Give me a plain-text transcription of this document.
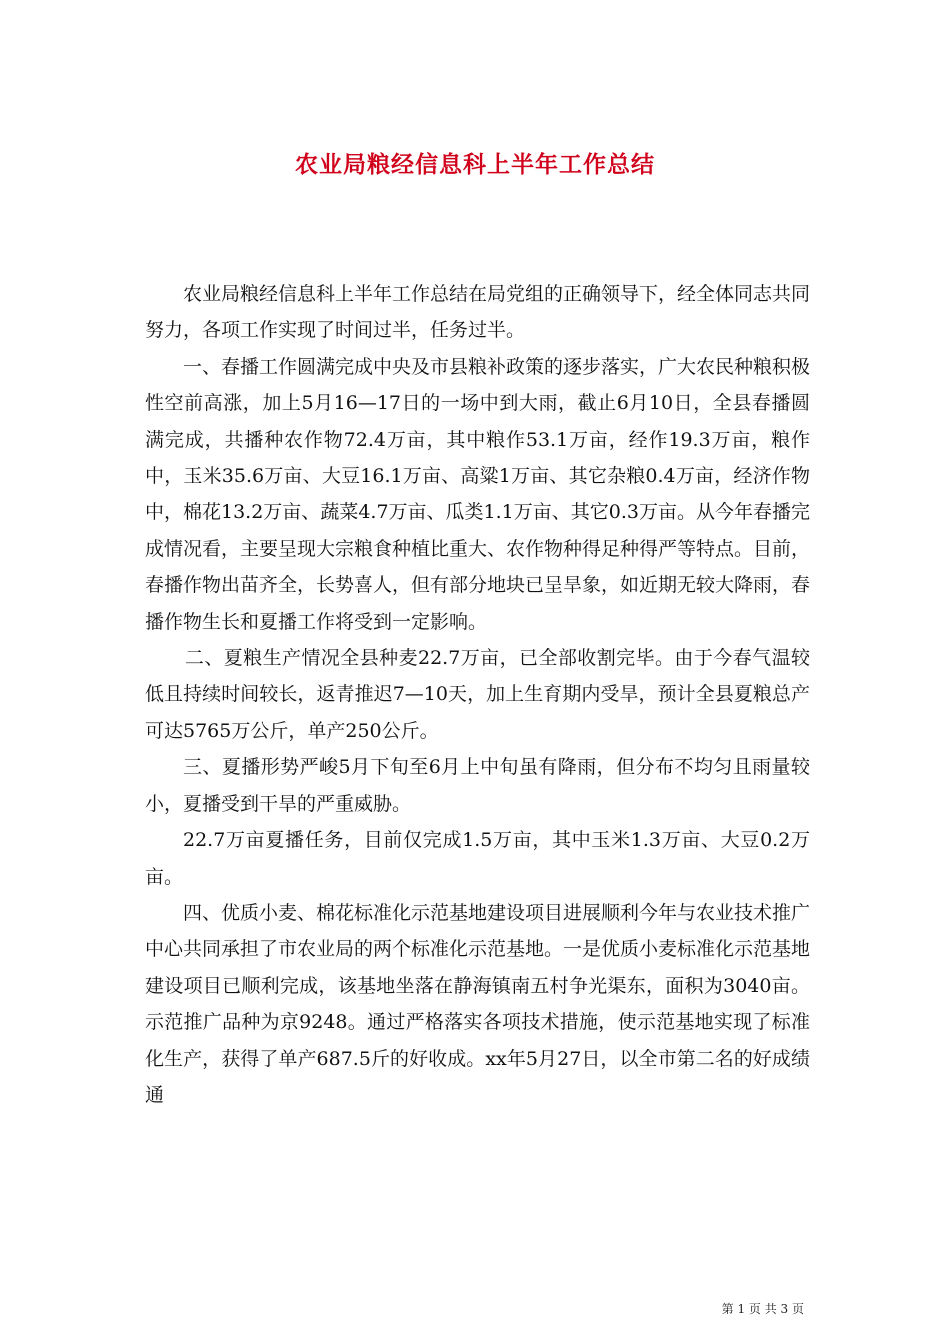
农业局粮经信息科上半年工作总结

农业局粮经信息科上半年工作总结在局党组的正确领导下，经全体同志共同努力，各项工作实现了时间过半，任务过半。

一、春播工作圆满完成中央及市县粮补政策的逐步落实，广大农民种粮积极性空前高涨，加上5月16—17日的一场中到大雨，截止6月10日，全县春播圆满完成，共播种农作物72.4万亩，其中粮作53.1万亩，经作19.3万亩，粮作中，玉米35.6万亩、大豆16.1万亩、高粱1万亩、其它杂粮0.4万亩，经济作物中，棉花13.2万亩、蔬菜4.7万亩、瓜类1.1万亩、其它0.3万亩。从今年春播完成情况看，主要呈现大宗粮食种植比重大、农作物种得足种得严等特点。目前，春播作物出苗齐全，长势喜人，但有部分地块已呈旱象，如近期无较大降雨，春播作物生长和夏播工作将受到一定影响。

二、夏粮生产情况全县种麦22.7万亩，已全部收割完毕。由于今春气温较低且持续时间较长，返青推迟7—10天，加上生育期内受旱，预计全县夏粮总产可达5765万公斤，单产250公斤。

三、夏播形势严峻5月下旬至6月上中旬虽有降雨，但分布不均匀且雨量较小，夏播受到干旱的严重威胁。

22.7万亩夏播任务，目前仅完成1.5万亩，其中玉米1.3万亩、大豆0.2万亩。

四、优质小麦、棉花标准化示范基地建设项目进展顺利今年与农业技术推广中心共同承担了市农业局的两个标准化示范基地。一是优质小麦标准化示范基地建设项目已顺利完成，该基地坐落在静海镇南五村争光渠东，面积为3040亩。示范推广品种为京9248。通过严格落实各项技术措施，使示范基地实现了标准化生产，获得了单产687.5斤的好收成。xx年5月27日，以全市第二名的好成绩通

第 1 页 共 3 页
